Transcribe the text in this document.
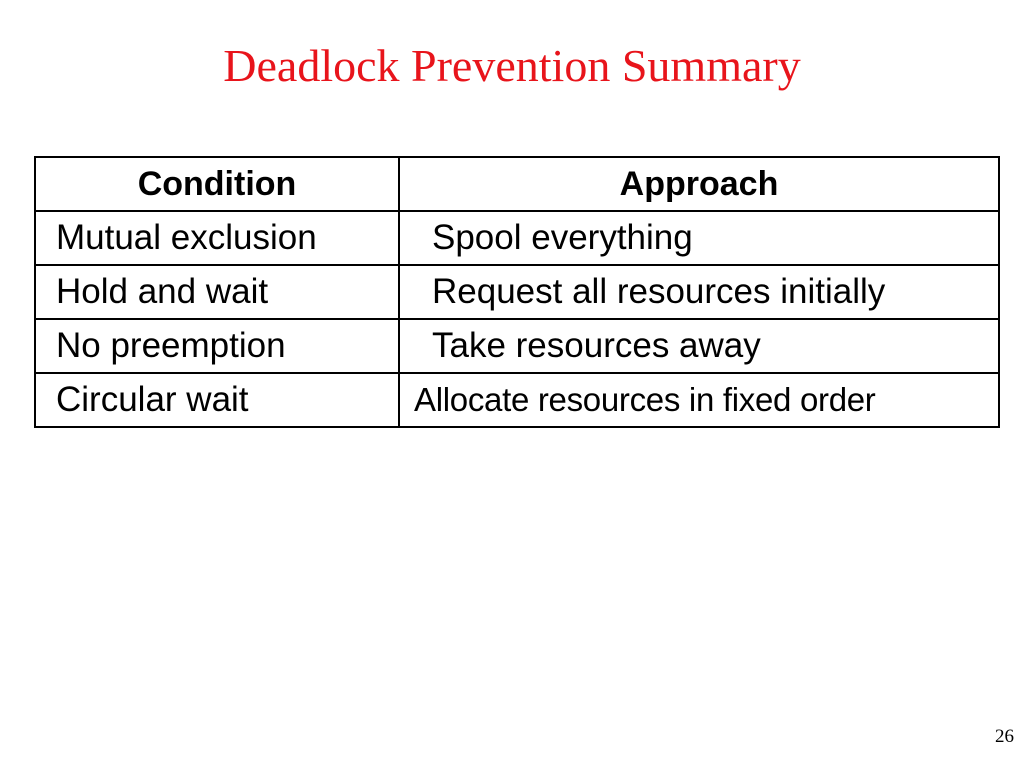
Deadlock Prevention Summary
Condition	Approach
Mutual exclusion	Spool everything
Hold and wait	Request all resources initially
No preemption	Take resources away
Circular wait	Allocate resources in fixed order
26
